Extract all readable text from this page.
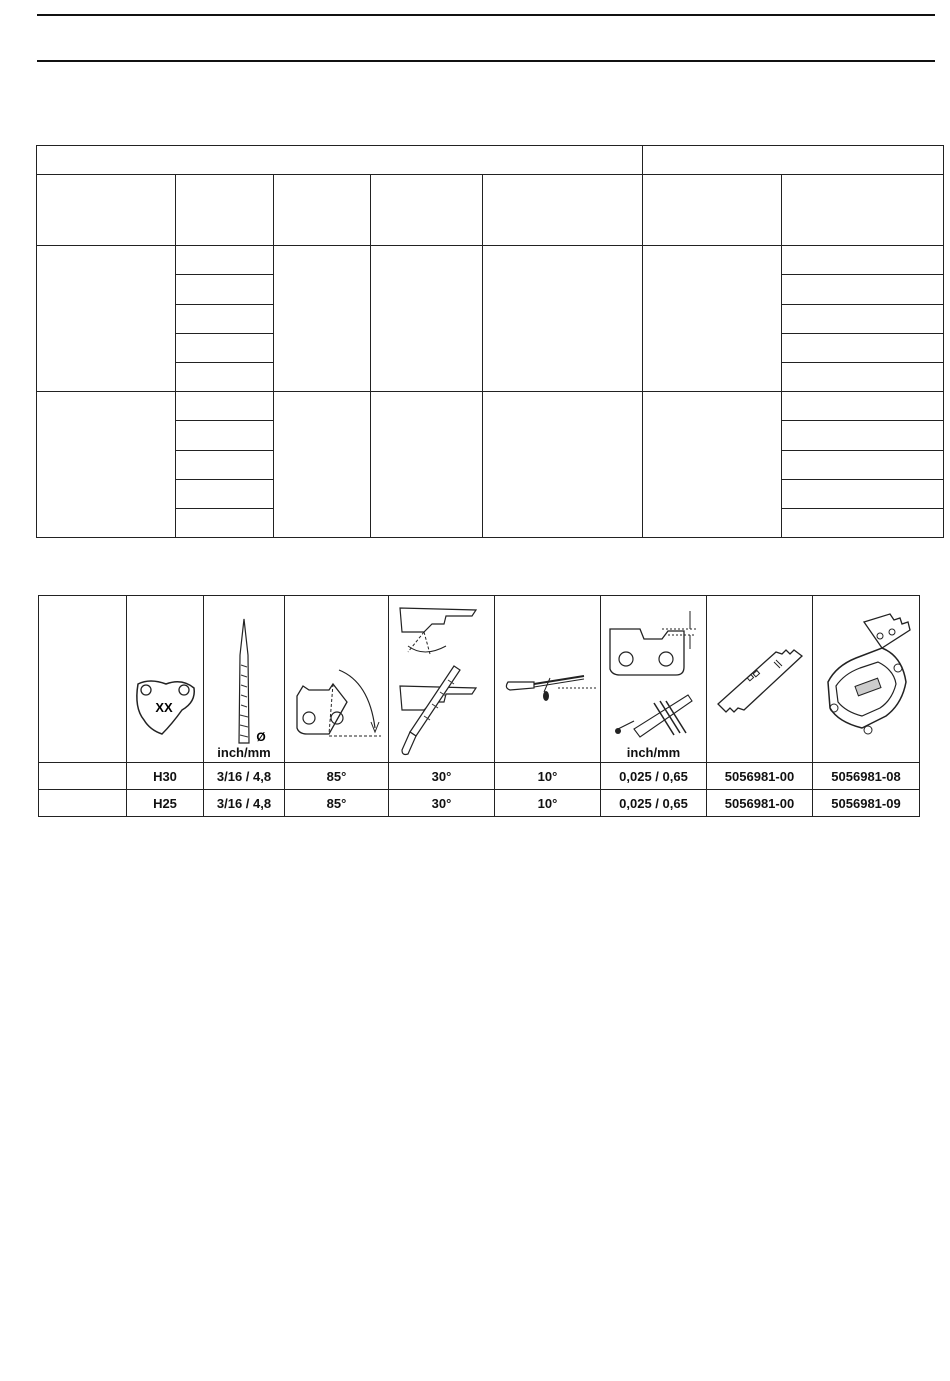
XX	Ø
inch/mm				inch/mm

	H30	3/16 / 4,8	85°	30°	10°	0,025 / 0,65	5056981-00	5056981-08
	H25	3/16 / 4,8	85°	30°	10°	0,025 / 0,65	5056981-00	5056981-09
